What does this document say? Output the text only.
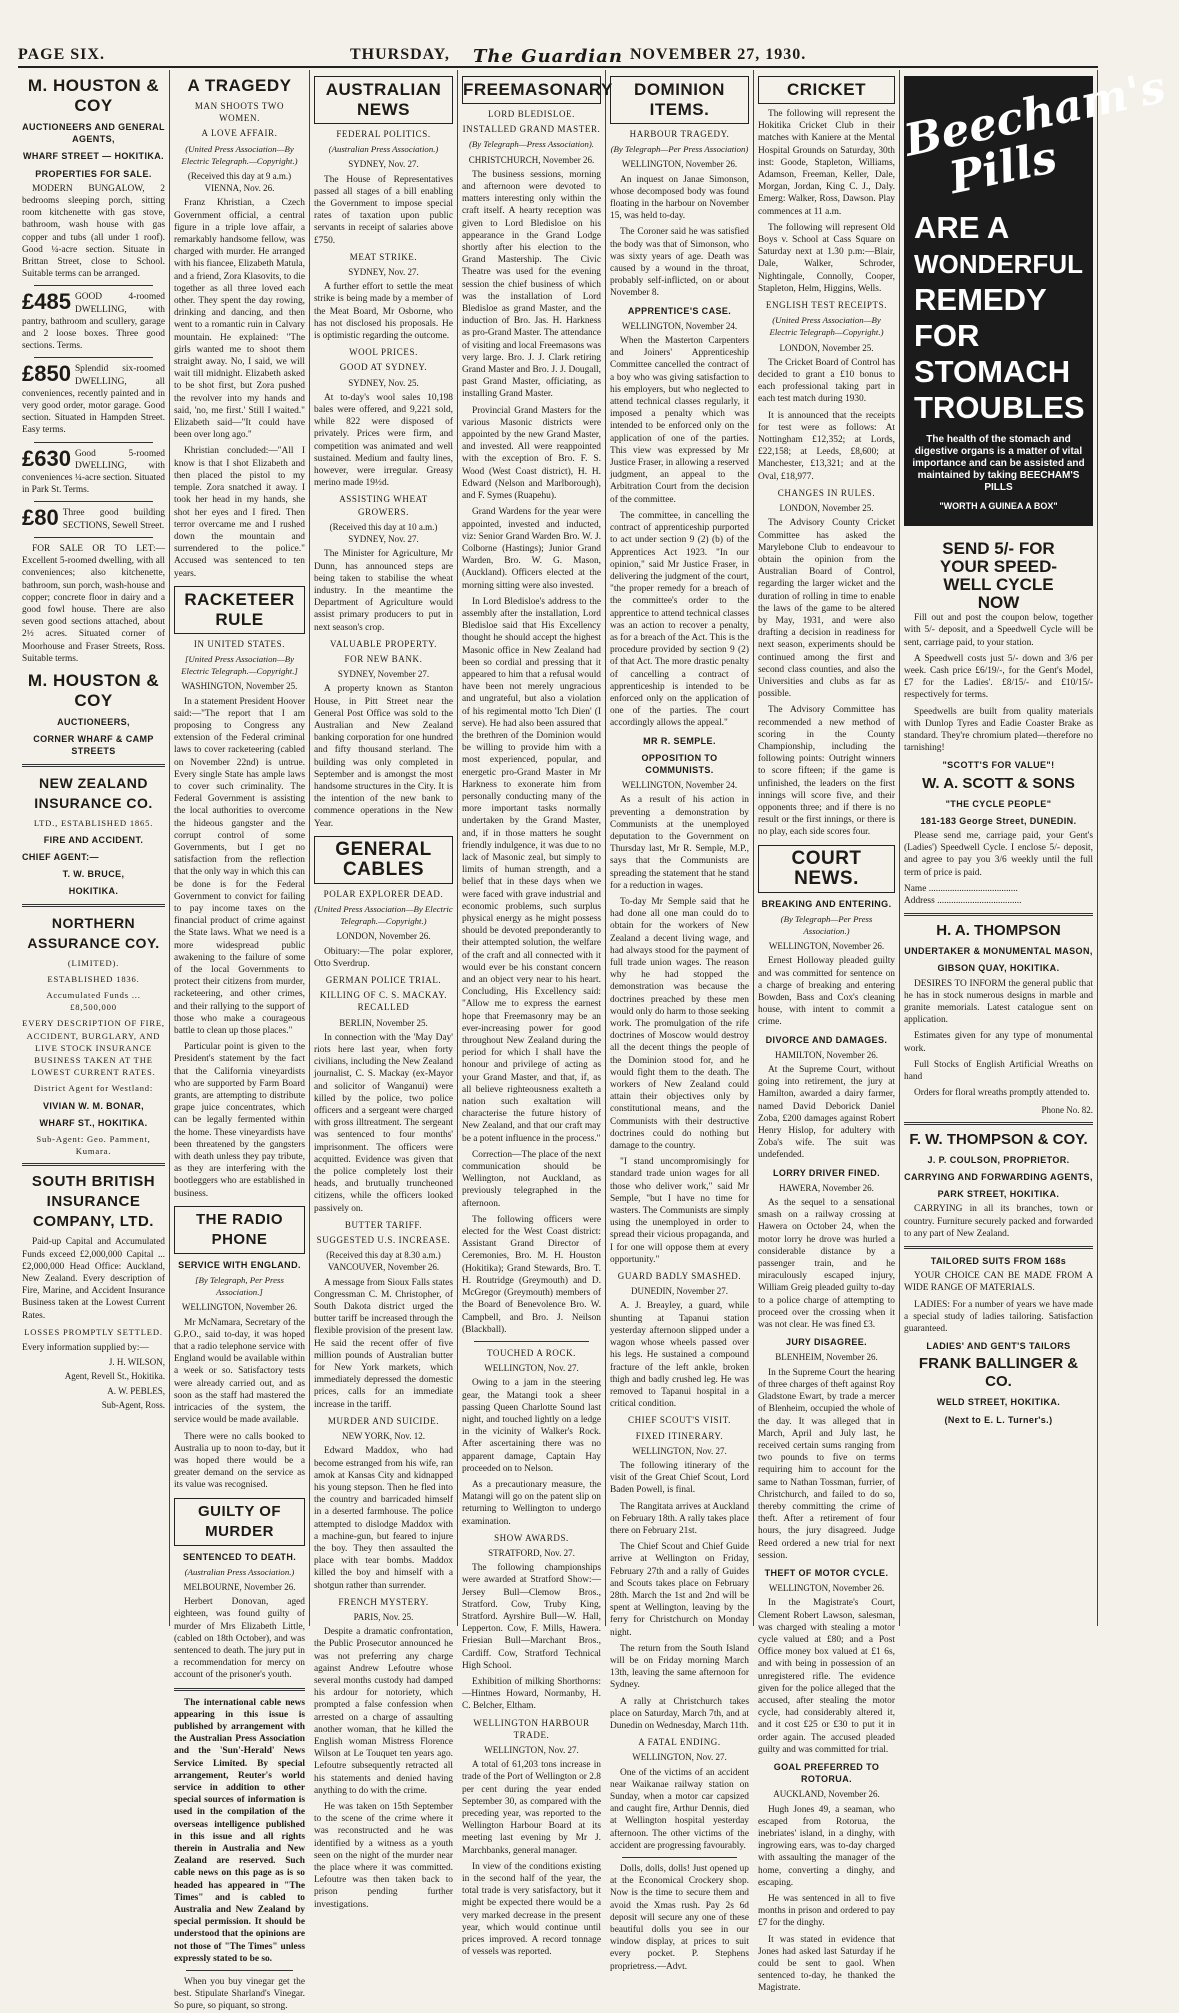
PAGE SIX.	THURSDAY, The Guardian NOVEMBER 27, 1930.
M. HOUSTON & COY
AUCTIONEERS AND GENERAL AGENTS,
WHARF STREET — HOKITIKA.
PROPERTIES FOR SALE.

MODERN BUNGALOW, 2 bedrooms sleeping porch, sitting room kitchenette with gas stove, bathroom, wash house with gas copper and tubs (all under 1 roof). Good ¼-acre section. Situate in Brittan Street, close to School. Suitable terms can be arranged.

£485 GOOD 4-roomed DWELLING, with pantry, bathroom and scullery, garage and 2 loose boxes. Three good sections. Terms.

£850 Splendid six-roomed DWELLING, all conveniences, recently painted and in very good order, motor garage. Good section. Situated in Hampden Street. Easy terms.

£630 Good 5-roomed DWELLING, with conveniences ¼-acre section. Situated in Park St. Terms.

£80 Three good building SECTIONS, Sewell Street.

FOR SALE OR TO LET:—Excellent 5-roomed dwelling, with all conveniences; also kitchenette, bathroom, sun porch, wash-house and copper; concrete floor in dairy and a good fowl house. There are also seven good sections attached, about 2½ acres. Situated corner of Moorhouse and Fraser Streets, Ross. Suitable terms.

M. HOUSTON & COY
AUCTIONEERS,
CORNER WHARF & CAMP STREETS
NEW ZEALAND INSURANCE CO.
LTD., ESTABLISHED 1865.
FIRE AND ACCIDENT.
CHIEF AGENT:—
T. W. BRUCE,
HOKITIKA.
NORTHERN ASSURANCE COY.
(LIMITED).
ESTABLISHED 1836.
Accumulated Funds ... £8,500,000
EVERY DESCRIPTION OF FIRE, ACCIDENT, BURGLARY, AND LIVE STOCK INSURANCE BUSINESS TAKEN AT THE LOWEST CURRENT RATES.
District Agent for Westland:
VIVIAN W. M. BONAR,
WHARF ST., HOKITIKA.
Sub-Agent: Geo. Pamment, Kumara.
SOUTH BRITISH INSURANCE COMPANY, LTD.

Paid-up Capital and Accumulated Funds exceed £2,000,000 Capital ... £2,000,000 Head Office: Auckland, New Zealand. Every description of Fire, Marine, and Accident Insurance Business taken at the Lowest Current Rates.

LOSSES PROMPTLY SETTLED.
Every information supplied by:—
J. H. WILSON,
Agent, Revell St., Hokitika.
A. W. PEBLES,
Sub-Agent, Ross.
A TRAGEDY
MAN SHOOTS TWO WOMEN.
A LOVE AFFAIR.
(United Press Association—By Electric Telegraph.—Copyright.)
(Received this day at 9 a.m.) VIENNA, Nov. 26.

Franz Khristian, a Czech Government official, a central figure in a triple love affair, a remarkably handsome fellow, was charged with murder. He arranged with his fiancee, Elizabeth Matula, and a friend, Zora Klasovits, to die together as all three loved each other. They spent the day rowing, drinking and dancing, and then went to a romantic ruin in Calvary mountain. He explained: "The girls wanted me to shoot them straight away. No, I said, we will wait till midnight. Elizabeth asked to be shot first, but Zora pushed the revolver into my hands and said, 'no, me first.' Still I waited." Elizabeth said—"It could have been over long ago."

Khristian concluded:—"All I know is that I shot Elizabeth and then placed the pistol to my temple. Zora snatched it away. I took her head in my hands, she shot her eyes and I fired. Then terror overcame me and I rushed down the mountain and surrendered to the police." Accused was sentenced to ten years.

RACKETEER RULE
IN UNITED STATES.
[United Press Association—By Electric Telegraph.—Copyright.]
WASHINGTON, November 25.

In a statement President Hoover said:—"The report that I am proposing to Congress any extension of the Federal criminal laws to cover racketeering (cabled on November 22nd) is untrue. Every single State has ample laws to cover such criminality. The Federal Government is assisting the local authorities to overcome the hideous gangster and the corrupt control of some Governments, but I get no satisfaction from the reflection that the only way in which this can be done is for the Federal Government to convict for failing to pay income taxes on the financial product of crime against the State laws. What we need is a more widespread public awakening to the failure of some of the local Governments to protect their citizens from murder, racketeering, and other crimes, and their rallying to the support of those who make a courageous battle to clean up those places."

Particular point is given to the President's statement by the fact that the California vineyardists who are supported by Farm Board grants, are attempting to distribute grape juice concentrates, which can be legally fermented within the home. These vineyardists have been threatened by the gangsters with death unless they pay tribute, as they are interfering with the bootleggers who are established in business.

THE RADIO PHONE
SERVICE WITH ENGLAND.
[By Telegraph, Per Press Association.]
WELLINGTON, November 26.

Mr McNamara, Secretary of the G.P.O., said to-day, it was hoped that a radio telephone service with England would be available within a week or so. Satisfactory tests were already carried out, and as soon as the staff had mastered the intricacies of the system, the service would be made available.

There were no calls booked to Australia up to noon to-day, but it was hoped there would be a greater demand on the service as its value was recognised.

GUILTY OF MURDER
SENTENCED TO DEATH.
(Australian Press Association.)
MELBOURNE, November 26.

Herbert Donovan, aged eighteen, was found guilty of murder of Mrs Elizabeth Little, (cabled on 18th October), and was sentenced to death. The jury put in a recommendation for mercy on account of the prisoner's youth.

The international cable news appearing in this issue is published by arrangement with the Australian Press Association and the 'Sun'-Herald' News Service Limited. By special arrangement, Reuter's world service in addition to other special sources of information is used in the compilation of the overseas intelligence published in this issue and all rights therein in Australia and New Zealand are reserved. Such cable news on this page as is so headed has appeared in "The Times" and is cabled to Australia and New Zealand by special permission. It should be understood that the opinions are not those of "The Times" unless expressly stated to be so.

When you buy vinegar get the best. Stipulate Sharland's Vinegar. So pure, so piquant, so strong.

AUSTRALIAN NEWS
FEDERAL POLITICS.
(Australian Press Association.)
SYDNEY, Nov. 27.

The House of Representatives passed all stages of a bill enabling the Government to impose special rates of taxation upon public servants in receipt of salaries above £750.

MEAT STRIKE.
SYDNEY, Nov. 27.

A further effort to settle the meat strike is being made by a member of the Meat Board, Mr Osborne, who has not disclosed his proposals. He is optimistic regarding the outcome.

WOOL PRICES.
GOOD AT SYDNEY.
SYDNEY, Nov. 25.

At to-day's wool sales 10,198 bales were offered, and 9,221 sold, while 822 were disposed of privately. Prices were firm, and competition was animated and well sustained. Medium and faulty lines, however, were irregular. Greasy merino made 19½d.

ASSISTING WHEAT GROWERS.
(Received this day at 10 a.m.) SYDNEY, Nov. 27.

The Minister for Agriculture, Mr Dunn, has announced steps are being taken to stabilise the wheat industry. In the meantime the Department of Agriculture would assist primary producers to put in next season's crop.

VALUABLE PROPERTY.
FOR NEW BANK.
SYDNEY, November 27.

A property known as Stanton House, in Pitt Street near the General Post Office was sold to the Australian and New Zealand banking corporation for one hundred and fifty thousand sterland. The building was only completed in September and is amongst the most handsome structures in the City. It is the intention of the new bank to commence operations in the New Year.

GENERAL CABLES
POLAR EXPLORER DEAD.
(United Press Association—By Electric Telegraph.—Copyright.)
LONDON, November 26.

Obituary:—The polar explorer, Otto Sverdrup.

GERMAN POLICE TRIAL.
KILLING OF C. S. MACKAY. RECALLED
BERLIN, November 25.

In connection with the 'May Day' riots here last year, when forty civilians, including the New Zealand journalist, C. S. Mackay (ex-Mayor and solicitor of Wanganui) were killed by the police, two police officers and a sergeant were charged with gross illtreatment. The sergeant was sentenced to four months' imprisonment. The officers were acquitted. Evidence was given that the police completely lost their heads, and brutually truncheoned citizens, while the officers looked passively on.

BUTTER TARIFF.
SUGGESTED U.S. INCREASE.
(Received this day at 8.30 a.m.) VANCOUVER, November 26.

A message from Sioux Falls states Congressman C. M. Christopher, of South Dakota district urged the butter tariff be increased through the flexible provision of the present law. He said the recent offer of five million pounds of Australian butter for New York markets, which immediately depressed the domestic prices, calls for an immediate increase in the tariff.

MURDER AND SUICIDE.
NEW YORK, Nov. 12.

Edward Maddox, who had become estranged from his wife, ran amok at Kansas City and kidnapped his young stepson. Then he fled into the country and barricaded himself in a deserted farmhouse. The police attempted to dislodge Maddox with a machine-gun, but feared to injure the boy. They then assaulted the place with tear bombs. Maddox killed the boy and himself with a shotgun rather than surrender.

FRENCH MYSTERY.
PARIS, Nov. 25.

Despite a dramatic confrontation, the Public Prosecutor announced he was not preferring any charge against Andrew Lefoutre whose several months custody had damped his ardour for notoriety, which prompted a false confession when arrested on a charge of assaulting another woman, that he killed the English woman Mistress Florence Wilson at Le Touquet ten years ago. Lefoutre subsequently retracted all his statements and denied having anything to do with the crime.

He was taken on 15th September to the scene of the crime where it was reconstructed and he was identified by a witness as a youth seen on the night of the murder near the place where it was committed. Lefoutre was then taken back to prison pending further investigations.

FREEMASONARY
LORD BLEDISLOE.
INSTALLED GRAND MASTER.
(By Telegraph—Press Association).
CHRISTCHURCH, November 26.

The business sessions, morning and afternoon were devoted to matters interesting only within the craft itself. A hearty reception was given to Lord Bledisloe on his appearance in the Grand Lodge shortly after his election to the Grand Mastership. The Civic Theatre was used for the evening session the chief business of which was the installation of Lord Bledisloe as grand Master, and the induction of Bro. Jas. H. Harkness as pro-Grand Master. The attendance of visiting and local Freemasons was very large. Bro. J. J. Clark retiring Grand Master and Bro. J. J. Dougall, past Grand Master, officiating, as installing Grand Master.

Provincial Grand Masters for the various Masonic districts were appointed by the new Grand Master, and invested. All were reappointed with the exception of Bro. F. S. Wood (West Coast district), H. H. Edward (Nelson and Marlborough), and F. Symes (Ruapehu).

Grand Wardens for the year were appointed, invested and inducted, viz: Senior Grand Warden Bro. W. J. Colborne (Hastings); Junior Grand Warden, Bro. W. G. Mason, (Auckland). Officers elected at the morning sitting were also invested.

In Lord Bledisloe's address to the assembly after the installation, Lord Bledisloe said that His Excellency thought he should accept the highest Masonic office in New Zealand had been so cordial and pressing that it appeared to him that a refusal would have been not merely ungracious and ungrateful, but also a violation of his regimental motto 'Ich Dien' (I serve). He had also been assured that the brethren of the Dominion would be willing to provide him with a most experienced, popular, and energetic pro-Grand Master in Mr Harkness to exonerate him from personally conducting many of the more important tasks normally undertaken by the Grand Master, and, if in those matters he sought friendly indulgence, it was due to no lack of Masonic zeal, but simply to limits of human strength, and a belief that in these days when we were faced with grave industrial and economic problems, such surplus physical energy as he might possess should be devoted preponderantly to their attempted solution, the welfare of the craft and all connected with it would ever be his constant concern and an object very near to his heart. Concluding, His Excellency said: "Allow me to express the earnest hope that Freemasonry may be an ever-increasing power for good throughout New Zealand during the period for which I shall have the honour and privilege of acting as your Grand Master, and that, if, as all believe righteousness exalteth a nation such exaltation will characterise the future history of New Zealand, and that our craft may be a potent influence in the process."

Correction—The place of the next communication should be Wellington, not Auckland, as previously telegraphed in the afternoon.

The following officers were elected for the West Coast district: Assistant Grand Director of Ceremonies, Bro. M. H. Houston (Hokitika); Grand Stewards, Bro. T. H. Routridge (Greymouth) and D. McGregor (Greymouth) members of the Board of Benevolence Bro. W. Campbell, and Bro. J. Neilson (Blackball).

TOUCHED A ROCK.
WELLINGTON, Nov. 27.

Owing to a jam in the steering gear, the Matangi took a sheer passing Queen Charlotte Sound last night, and touched lightly on a ledge in the vicinity of Walker's Rock. After ascertaining there was no apparent damage, Captain Hay proceeded on to Nelson.

As a precautionary measure, the Matangi will go on the patent slip on returning to Wellington to undergo examination.

SHOW AWARDS.
STRATFORD, Nov. 27.

The following championships were awarded at Stratford Show:—Jersey Bull—Clemow Bros., Stratford. Cow, Truby King, Stratford. Ayrshire Bull—W. Hall, Lepperton. Cow, F. Mills, Hawera. Friesian Bull—Marchant Bros., Cardiff. Cow, Stratford Technical High School.

Exhibition of milking Shorthorns:—Hintnes Howard, Normanby, H. C. Belcher, Eltham.

WELLINGTON HARBOUR TRADE.
WELLINGTON, Nov. 27.

A total of 61,203 tons increase in trade of the Port of Wellington or 2.8 per cent during the year ended September 30, as compared with the preceding year, was reported to the Wellington Harbour Board at its meeting last evening by Mr J. Marchbanks, general manager.

In view of the conditions existing in the second half of the year, the total trade is very satisfactory, but it might be expected there would be a very marked decrease in the present year, which would continue until prices improved. A record tonnage of vessels was reported.

DOMINION ITEMS.
HARBOUR TRAGEDY.
(By Telegraph—Per Press Association)
WELLINGTON, November 26.

An inquest on Janae Simonson, whose decomposed body was found floating in the harbour on November 15, was held to-day.

The Coroner said he was satisfied the body was that of Simonson, who was sixty years of age. Death was caused by a wound in the throat, probably self-inflicted, on or about November 8.

APPRENTICE'S CASE.
WELLINGTON, November 24.

When the Masterton Carpenters and Joiners' Apprenticeship Committee cancelled the contract of a boy who was giving satisfaction to his employers, but who neglected to attend technical classes regularly, it imposed a penalty which was intended to be enforced only on the application of one of the parties. This view was expressed by Mr Justice Fraser, in allowing a reserved judgment, an appeal to the Arbitration Court from the decision of the committee.

The committee, in cancelling the contract of apprenticeship purported to act under section 9 (2) (b) of the Apprentices Act 1923. "In our opinion," said Mr Justice Fraser, in delivering the judgment of the court, "the proper remedy for a breach of the committee's order to the apprentice to attend technical classes was an action to recover a penalty, as for a breach of the Act. This is the procedure provided by section 9 (2) of that Act. The more drastic penalty of cancelling a contract of apprenticeship is intended to be enforced only on the application of one of the parties. The court accordingly allows the appeal."

MR R. SEMPLE.
OPPOSITION TO COMMUNISTS.
WELLINGTON, November 24.

As a result of his action in preventing a demonstration by Communists at the unemployed deputation to the Government on Thursday last, Mr R. Semple, M.P., says that the Communists are spreading the statement that he stand for a reduction in wages.

To-day Mr Semple said that he had done all one man could do to obtain for the workers of New Zealand a decent living wage, and had always stood for the payment of full trade union wages. The reason why he had stopped the demonstration was because the doctrines preached by these men would only do harm to those seeking work. The promulgation of the rife doctrines of Moscow would destroy all the decent things the people of the Dominion stood for, and he would fight them to the death. The workers of New Zealand could attain their objectives only by constitutional means, and the Communists with their destructive doctrines could do nothing but damage to the country.

"I stand uncompromisingly for standard trade union wages for all those who deliver work," said Mr Semple, "but I have no time for wasters. The Communists are simply using the unemployed in order to spread their vicious propaganda, and I for one will oppose them at every opportunity."

GUARD BADLY SMASHED.
DUNEDIN, November 27.

A. J. Breayley, a guard, while shunting at Tapanui station yesterday afternoon slipped under a wagon whose wheels passed over his legs. He sustained a compound fracture of the left ankle, broken thigh and badly crushed leg. He was removed to Tapanui hospital in a critical condition.

CHIEF SCOUT'S VISIT.
FIXED ITINERARY.
WELLINGTON, Nov. 27.

The following itinerary of the visit of the Great Chief Scout, Lord Baden Powell, is final.

The Rangitata arrives at Auckland on February 18th. A rally takes place there on February 21st.

The Chief Scout and Chief Guide arrive at Wellington on Friday, February 27th and a rally of Guides and Scouts takes place on February 28th. March the 1st and 2nd will be spent at Wellington, leaving by the ferry for Christchurch on Monday night.

The return from the South Island will be on Friday morning March 13th, leaving the same afternoon for Sydney.

A rally at Christchurch takes place on Saturday, March 7th, and at Dunedin on Wednesday, March 11th.

A FATAL ENDING.
WELLINGTON, Nov. 27.

One of the victims of an accident near Waikanae railway station on Sunday, when a motor car capsized and caught fire, Arthur Dennis, died at Wellington hospital yesterday afternoon. The other victims of the accident are progressing favourably.

Dolls, dolls, dolls! Just opened up at the Economical Crockery shop. Now is the time to secure them and avoid the Xmas rush. Pay 2s 6d deposit will secure any one of these beautiful dolls you see in our window display, at prices to suit every pocket. P. Stephens proprietress.—Advt.

CRICKET

The following will represent the Hokitika Cricket Club in their matches with Kaniere at the Mental Hospital Grounds on Saturday, 30th inst: Goode, Stapleton, Williams, Adamson, Freeman, Keller, Dale, Morgan, Jordan, King C. J., Daly. Emerg: Walker, Ross, Dawson. Play commences at 11 a.m.

The following will represent Old Boys v. School at Cass Square on Saturday next at 1.30 p.m:—Blair, Dale, Walker, Schroder, Nightingale, Connolly, Cooper, Stapleton, Helm, Higgins, Wells.

ENGLISH TEST RECEIPTS.
(United Press Association—By Electric Telegraph—Copyright.)
LONDON, November 25.

The Cricket Board of Control has decided to grant a £10 bonus to each professional taking part in each test match during 1930.

It is announced that the receipts for test were as follows: At Nottingham £12,352; at Lords, £22,158; at Leeds, £8,600; at Manchester, £13,321; and at the Oval, £18,977.

CHANGES IN RULES.
LONDON, November 25.

The Advisory County Cricket Committee has asked the Marylebone Club to endeavour to obtain the opinion from the Australian Board of Control, regarding the larger wicket and the duration of rolling in time to enable the laws of the game to be altered by May, 1931, and were also drafting a decision in readiness for next season, experiments should be continued among the first and second class counties, and also the Universities and clubs as far as possible.

The Advisory Committee has recommended a new method of scoring in the County Championship, including the following points: Outright winners to score fifteen; if the game is unfinished, the leaders on the first innings will score five, and their opponents three; and if there is no result or the first innings, or there is no play, each side scores four.

COURT NEWS.
BREAKING AND ENTERING.
(By Telegraph—Per Press Association.)
WELLINGTON, November 26.

Ernest Holloway pleaded guilty and was committed for sentence on a charge of breaking and entering Bowden, Bass and Cox's cleaning house, with intent to commit a crime.

DIVORCE AND DAMAGES.
HAMILTON, November 26.

At the Supreme Court, without going into retirement, the jury at Hamilton, awarded a dairy farmer, named David Deborick Daniel Zoba, £200 damages against Robert Henry Hislop, for adultery with Zoba's wife. The suit was undefended.

LORRY DRIVER FINED.
HAWERA, November 26.

As the sequel to a sensational smash on a railway crossing at Hawera on October 24, when the motor lorry he drove was hurled a considerable distance by a passenger train, and he miraculously escaped injury, William Greig pleaded guilty to-day to a police charge of attempting to proceed over the crossing when it was not clear. He was fined £3.

JURY DISAGREE.
BLENHEIM, November 26.

In the Supreme Court the hearing of three charges of theft against Roy Gladstone Ewart, by trade a mercer of Blenheim, occupied the whole of the day. It was alleged that in March, April and July last, he received certain sums ranging from two pounds to five on terms requiring him to account for the same to Nathan Tossman, furrier, of Christchurch, and failed to do so, thereby committing the crime of theft. After a retirement of four hours, the jury disagreed. Judge Reed ordered a new trial for next session.

THEFT OF MOTOR CYCLE.
WELLINGTON, November 26.

In the Magistrate's Court, Clement Robert Lawson, salesman, was charged with stealing a motor cycle valued at £80; and a Post Office money box valued at £1 6s, and with being in possession of an unregistered rifle. The evidence given for the police alleged that the accused, after stealing the motor cycle, had considerably altered it, and it cost £25 or £30 to put it in order again. The accused pleaded guilty and was committed for trial.

GOAL PREFERRED TO ROTORUA.
AUCKLAND, November 26.

Hugh Jones 49, a seaman, who escaped from Rotorua, the inebriates' island, in a dinghy, with ingrowing ears, was to-day charged with assaulting the manager of the home, converting a dinghy, and escaping.

He was sentenced in all to five months in prison and ordered to pay £7 for the dinghy.

It was stated in evidence that Jones had asked last Saturday if he could be sent to gaol. When sentenced to-day, he thanked the Magistrate.

Beecham's Pills
ARE A
WONDERFUL
REMEDY
FOR
STOMACH
TROUBLES
The health of the stomach and digestive organs is a matter of vital importance and can be assisted and maintained by taking BEECHAM'S PILLS
"WORTH A GUINEA A BOX"
SEND 5/- FOR
YOUR SPEED-
WELL CYCLE
NOW

Fill out and post the coupon below, together with 5/- deposit, and a Speedwell Cycle will be sent, carriage paid, to your station.

A Speedwell costs just 5/- down and 3/6 per week. Cash price £6/19/-, for the Gent's Model, £7 for the Ladies'. £8/15/- and £10/15/- respectively for terms.

Speedwells are built from quality materials with Dunlop Tyres and Eadie Coaster Brake as standard. They're chromium plated—therefore no tarnishing!

"SCOTT'S FOR VALUE"!
W. A. SCOTT & SONS
"THE CYCLE PEOPLE"
181-183 George Street, DUNEDIN.

Please send me, carriage paid, your Gent's (Ladies') Speedwell Cycle. I enclose 5/- deposit, and agree to pay you 3/6 weekly until the full term of price is paid.

Name ......................................
Address ....................................
H. A. THOMPSON
UNDERTAKER & MONUMENTAL MASON,
GIBSON QUAY, HOKITIKA.

DESIRES TO INFORM the general public that he has in stock numerous designs in marble and granite memorials. Latest catalogue sent on application.

Estimates given for any type of monumental work.

Full Stocks of English Artificial Wreaths on hand

Orders for floral wreaths promptly attended to.

Phone No. 82.
F. W. THOMPSON & COY.
J. P. COULSON, PROPRIETOR.
CARRYING AND FORWARDING AGENTS,
PARK STREET, HOKITIKA.

CARRYING in all its branches, town or country. Furniture securely packed and forwarded to any part of New Zealand.

TAILORED SUITS FROM 168s

YOUR CHOICE CAN BE MADE FROM A WIDE RANGE OF MATERIALS.

LADIES: For a number of years we have made a special study of ladies tailoring. Satisfaction guaranteed.

LADIES' AND GENT'S TAILORS
FRANK BALLINGER & CO.
WELD STREET, HOKITIKA.
(Next to E. L. Turner's.)
